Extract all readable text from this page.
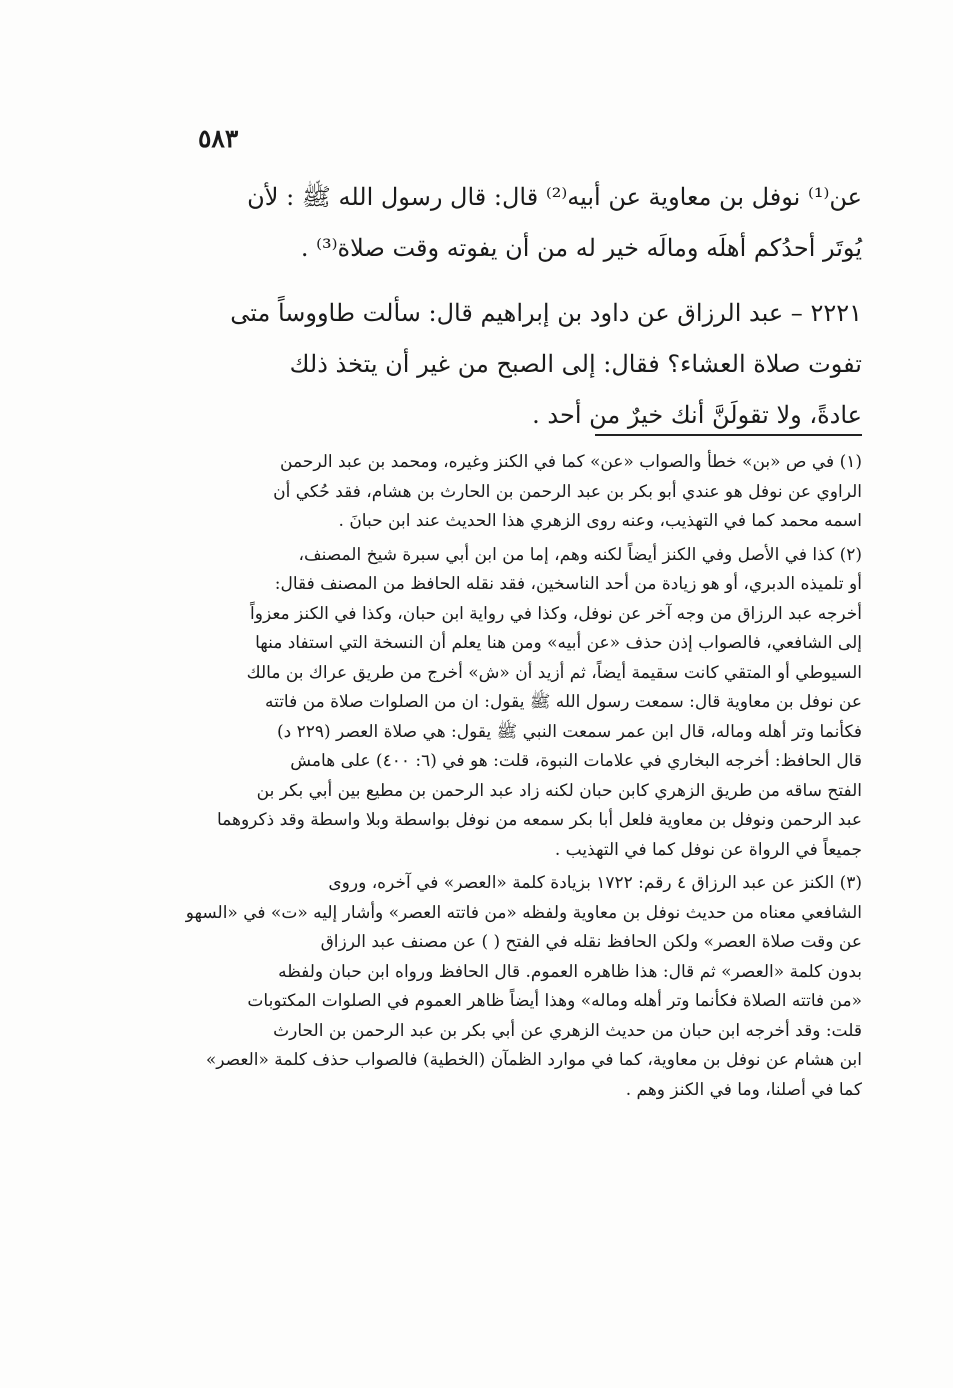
٥٨٣

عن⁽¹⁾ نوفل بن معاوية عن أبيه⁽²⁾ قال: قال رسول الله ﷺ : لأن
يُوتَر أحدُكم أهلَه ومالَه خير له من أن يفوته وقت صلاة⁽³⁾ .

٢٢٢١ – عبد الرزاق عن داود بن إبراهيم قال: سألت طاووساً متى
تفوت صلاة العشاء؟ فقال: إلى الصبح من غير أن يتخذ ذلك
عادةً، ولا تقولَنَّ أنك خيرٌ من أحد .

(١) في ص «بن» خطأ والصواب «عن» كما في الكنز وغيره، ومحمد بن عبد الرحمن
الراوي عن نوفل هو عندي أبو بكر بن عبد الرحمن بن الحارث بن هشام، فقد حُكي أن
اسمه محمد كما في التهذيب، وعنه روى الزهري هذا الحديث عند ابن حبانَ .

(٢) كذا في الأصل وفي الكنز أيضاً لكنه وهم، إما من ابن أبي سبرة شيخ المصنف،
أو تلميذه الدبري، أو هو زيادة من أحد الناسخين، فقد نقله الحافظ من المصنف فقال:
أخرجه عبد الرزاق من وجه آخر عن نوفل، وكذا في رواية ابن حبان، وكذا في الكنز معزواً
إلى الشافعي، فالصواب إذن حذف «عن أبيه» ومن هنا يعلم أن النسخة التي استفاد منها
السيوطي أو المتقي كانت سقيمة أيضاً، ثم أزيد أن «ش» أخرج من طريق عراك بن مالك
عن نوفل بن معاوية قال: سمعت رسول الله ﷺ يقول: ان من الصلوات صلاة من فاتته
فكأنما وتر أهله وماله، قال ابن عمر سمعت النبي ﷺ يقول: هي صلاة العصر (٢٢٩ د)
قال الحافظ: أخرجه البخاري في علامات النبوة، قلت: هو في (٦: ٤٠٠) على هامش
الفتح ساقه من طريق الزهري كابن حبان لكنه زاد عبد الرحمن بن مطيع بين أبي بكر بن
عبد الرحمن ونوفل بن معاوية فلعل أبا بكر سمعه من نوفل بواسطة وبلا واسطة وقد ذكروهما
جميعاً في الرواة عن نوفل كما في التهذيب .

(٣) الكنز عن عبد الرزاق ٤ رقم: ١٧٢٢ بزيادة كلمة «العصر» في آخره، وروى
الشافعي معناه من حديث نوفل بن معاوية ولفظه «من فاتته العصر» وأشار إليه «ت» في «السهو
عن وقت صلاة العصر» ولكن الحافظ نقله في الفتح ( ) عن مصنف عبد الرزاق
بدون كلمة «العصر» ثم قال: هذا ظاهره العموم. قال الحافظ ورواه ابن حبان ولفظه
«من فاتته الصلاة فكأنما وتر أهله وماله» وهذا أيضاً ظاهر العموم في الصلوات المكتوبات
قلت: وقد أخرجه ابن حبان من حديث الزهري عن أبي بكر بن عبد الرحمن بن الحارث
ابن هشام عن نوفل بن معاوية، كما في موارد الظمآن (الخطية) فالصواب حذف كلمة «العصر»
كما في أصلنا، وما في الكنز وهم .
